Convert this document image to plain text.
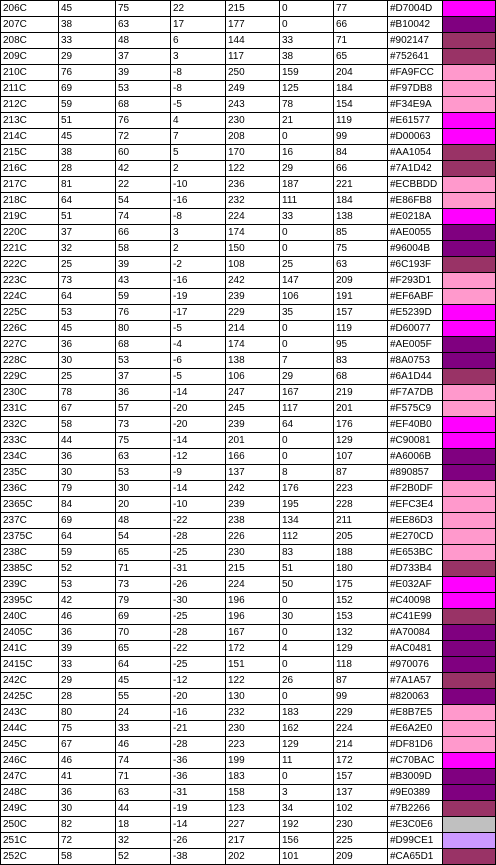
206C	45	75	22	215	0	77	#D7004D	
207C	38	63	17	177	0	66	#B10042	
208C	33	48	6	144	33	71	#902147	
209C	29	37	3	117	38	65	#752641	
210C	76	39	-8	250	159	204	#FA9FCC	
211C	69	53	-8	249	125	184	#F97DB8	
212C	59	68	-5	243	78	154	#F34E9A	
213C	51	76	4	230	21	119	#E61577	
214C	45	72	7	208	0	99	#D00063	
215C	38	60	5	170	16	84	#AA1054	
216C	28	42	2	122	29	66	#7A1D42	
217C	81	22	-10	236	187	221	#ECBBDD	
218C	64	54	-16	232	111	184	#E86FB8	
219C	51	74	-8	224	33	138	#E0218A	
220C	37	66	3	174	0	85	#AE0055	
221C	32	58	2	150	0	75	#96004B	
222C	25	39	-2	108	25	63	#6C193F	
223C	73	43	-16	242	147	209	#F293D1	
224C	64	59	-19	239	106	191	#EF6ABF	
225C	53	76	-17	229	35	157	#E5239D	
226C	45	80	-5	214	0	119	#D60077	
227C	36	68	-4	174	0	95	#AE005F	
228C	30	53	-6	138	7	83	#8A0753	
229C	25	37	-5	106	29	68	#6A1D44	
230C	78	36	-14	247	167	219	#F7A7DB	
231C	67	57	-20	245	117	201	#F575C9	
232C	58	73	-20	239	64	176	#EF40B0	
233C	44	75	-14	201	0	129	#C90081	
234C	36	63	-12	166	0	107	#A6006B	
235C	30	53	-9	137	8	87	#890857	
236C	79	30	-14	242	176	223	#F2B0DF	
2365C	84	20	-10	239	195	228	#EFC3E4	
237C	69	48	-22	238	134	211	#EE86D3	
2375C	64	54	-28	226	112	205	#E270CD	
238C	59	65	-25	230	83	188	#E653BC	
2385C	52	71	-31	215	51	180	#D733B4	
239C	53	73	-26	224	50	175	#E032AF	
2395C	42	79	-30	196	0	152	#C40098	
240C	46	69	-25	196	30	153	#C41E99	
2405C	36	70	-28	167	0	132	#A70084	
241C	39	65	-22	172	4	129	#AC0481	
2415C	33	64	-25	151	0	118	#970076	
242C	29	45	-12	122	26	87	#7A1A57	
2425C	28	55	-20	130	0	99	#820063	
243C	80	24	-16	232	183	229	#E8B7E5	
244C	75	33	-21	230	162	224	#E6A2E0	
245C	67	46	-28	223	129	214	#DF81D6	
246C	46	74	-36	199	11	172	#C70BAC	
247C	41	71	-36	183	0	157	#B3009D	
248C	36	63	-31	158	3	137	#9E0389	
249C	30	44	-19	123	34	102	#7B2266	
250C	82	18	-14	227	192	230	#E3C0E6	
251C	72	32	-26	217	156	225	#D99CE1	
252C	58	52	-38	202	101	209	#CA65D1	
